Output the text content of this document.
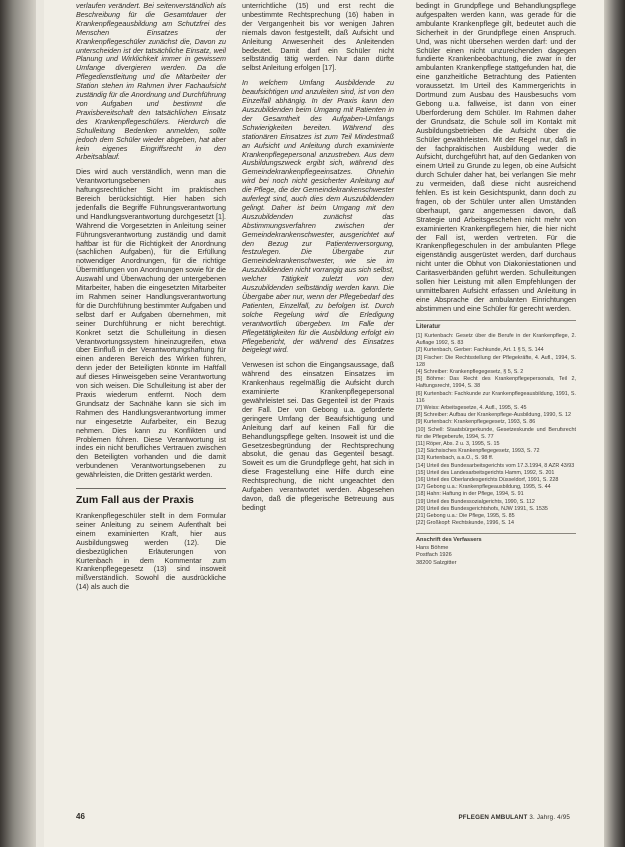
verlaufen verändert. Bei seitenverständlich als Beschreibung für die Gesamtdauer der Krankenpflegeausbildung am Schutzfrei des Menschen Einsatzes der Krankenpflegeschüler zunächst die, Davon zu unterscheiden ist der tatsächliche Einsatz, weil Planung und Wirklichkeit immer in gewissem Umfange divergieren werden. Da die Pflegedienstleitung und die Mitarbeiter der Station stehen im Rahmen ihrer Fachaufsicht zuständig für die Anordnung und Durchführung von Aufgaben und bestimmt die Praxisbereitschaft den tatsächlichen Einsatz des Krankenpflegeschülers. Hierdurch die Schulleitung Bedenken anmelden, sollte jedoch dem Schüler wieder abgeben, hat aber kein eigenes Eingriffsrecht in den Arbeitsablauf.

Dies wird auch verständlich, wenn man die Verantwortungsebenen aus haftungsrechtlicher Sicht im praktischen Bereich berücksichtigt. Hier haben sich jedenfalls die Begriffe Führungsverantwortung und Handlungsverantwortung durchgesetzt [1]. Während die Vorgesetzten in Anleitung seiner Führungsverantwortung zuständig und damit haftbar ist für die Richtigkeit der Anordnung (sachlichen Aufgaben), für die Erfüllung notwendiger Anordnungen, für die richtige Übermittlungen von Anordnungen sowie für die Auswahl und Überwachung der untergebenen Mitarbeiter, haben die eingesetzten Mitarbeiter im Rahmen seiner Handlungsverantwortung für die Durchführung bestimmter Aufgaben und selbst darf er Aufgaben übernehmen, mit seiner Durchführung er nicht berechtigt. Konkret setzt die Schulleitung in diesen Verantwortungssystem hineinzugreifen, etwa über Einfluß in der Verantwortungshaftung für einen anderen Bereich des Wirken führen, denn jeder der Beteiligten könnte im Haftfall auf dieses Hinweisgeben seine Verantwortung von sich weisen. Die Schulleitung ist aber der Praxis wiederum entfernt. Noch dem Grundsatz der Sachnähe kann sie sich im Rahmen des Handlungsverantwortung immer nur eingesetzte Aufarbeiter, ein Bezug nehmen. Dies kann zu Konflikten und Problemen führen. Diese Verantwortung ist indes ein nicht berufliches Vertrauen zwischen den Beteiligten vorhanden und die damit verbundenen Verantwortungsebenen zu gewährleisten, die Dritten gestärkt werden.

Zum Fall aus der Praxis

Krankenpflegeschüler stellt in dem Formular seiner Anleitung zu seinem Aufenthalt bei einem examinierten Kraft, hier aus Ausbildungsweg werden (12). Die diesbezüglichen Erläuterungen von Kurtenbach in dem Kommentar zum Krankenpflegegesetz (13) sind insoweit mißverständlich. Sowohl die ausdrückliche (14) als auch die

unterrichtliche (15) und erst recht die unbestimmte Rechtsprechung (16) haben in der Vergangenheit bis vor wenigen Jahren niemals davon festgestellt, daß Aufsicht und Anleitung Anwesenheit des Anleitenden bedeutet. Damit darf ein Schüler nicht selbständig tätig werden. Nur dann dürfte selbst Anleitung erfolgen [17].

In welchem Umfang Ausbildende zu beaufsichtigen und anzuleiten sind, ist von den Einzelfall abhängig. In der Praxis kann den Auszubildenden beim Umgang mit Patienten in der Gesamtheit des Aufgaben-Umfangs Schwierigkeiten bereiten. Während des stationären Einsatzes ist zum Teil Mindestmaß an Aufsicht und Anleitung durch examinierte Krankenpflegepersonal anzustreben. Aus dem Ausbildungszweck ergibt sich, während des Gemeindekrankenpflegeeinsatzes. Ohnehin wird bei noch nicht gesicherter Anleitung auf die Pflege, die der Gemeindekrankenschwester auferlegt sind, auch dies dem Auszubildenden gelingt. Daher ist beim Umgang mit den Auszubildenden zunächst das Abstimmungsverfahren zwischen der Gemeindekrankenschwester, ausgerichtet auf den Bezug zur Patientenversorgung, festzulegen. Die Übergabe zur Gemeindekrankenschwester, wie sie im Auszubildenden nicht vorrangig aus sich selbst, welcher Tätigkeit zuletzt von den Auszubildenden selbständig werden kann. Die Übergabe aber nur, wenn der Pflegebedarf des Patienten, Einzelfall, zu befolgen ist. Durch solche Regelung wird die Erledigung verantwortlich übergeben. Im Falle der Pflegetätigkeiten für die Ausbildung erfolgt ein Pflegebericht, der während des Einsatzes beigelegt wird.

Verwesen ist schon die Eingangsaussage, daß während des einsatzen Einsatzes im Krankenhaus regelmäßig die Aufsicht durch examinierte Krankenpflegepersonal gewährleistet sei. Das Gegenteil ist der Praxis der Fall. Der von Gebong u.a. geforderte geringere Umfang der Beaufsichtigung und Anleitung darf auf keinen Fall für die Behandlungspflege gelten. Insoweit ist und die Gesetzesbegründung der Rechtsprechung absolut, die genau das Gegenteil besagt. Soweit es um die Grundpflege geht, hat sich in diese Fragestellung eine Hilfe durch eine Rechtsprechung, die nicht ungeachtet den Aufgaben verantwortet werden. Abgesehen davon, daß die pflegerische Betreuung aus bedingt

bedingt in Grundpflege und Behandlungspflege aufgespalten werden kann, was gerade für die ambulante Krankenpflege gilt, bedeutet auch die Sicherheit in der Grundpflege einen Anspruch. Und, was nicht übersehen werden darf: und der Schüler einen nicht unzureichenden dagegen fundierte Krankenbeobachtung, die zwar in der ambulanten Krankenpflege stattgefunden hat, die eine ganzheitliche Betrachtung des Patienten voraussetzt. Im Urteil des Kammergerichts in Dortmund zum Ausbau des Hausbesuchs vom Gebong u.a. fallweise, ist dann von einer Uberforderung dem Schüler. Im Rahmen daher der Grundsatz, die Schule soll im Kontakt mit Ausbildungsbetrieben die Aufsicht über die Schüler gewährleisten. Mit der Regel nur, daß in der fachpraktischen Ausbildung weder die Aufsicht, durchgeführt hat, auf den Gedanken von einem Urteil zu Grunde zu legen, ob eine Aufsicht durch Schuler daher hat, bei verlangen Sie mehr zu vermeiden, daß diese nicht ausreichend fehlen. Es ist kein Gesichtspunkt, dann doch zu fragen, ob der Schüler unter allen Umständen überhaupt, ganz angemessen davon, daß Strategie und Arbeitsgeschehen nicht mehr von examinierten Krankenpflegern hier, die hier nicht der Fall ist, werden vertreten. Für die Krankenpflegeschulen in der ambulanten Pflege eigenständig ausgerüstet werden, darf durchaus nicht unter die Obhut von Diakoniestationen und Caritasverbänden geführt werden. Schulleitungen sollen hier Leistung mit allen Empfehlungen der unmittelbaren Aufsicht erfassen und Anleitung in eine Absprache der ambulanten Einrichtungen abstimmen und eine Schüler für gerecht werden.

Literatur

[1] Kurtenbach: Gesetz über die Berufe in der Krankenpflege, 2. Auflage 1992, S. 83

[2] Kurtenbach, Gerber: Fachkunde, Art. 1 § 5, S. 144

[3] Fischer: Die Rechtsstellung der Pflegekräfte, 4. Aufl., 1994, S. 128

[4] Schreiber: Krankenpflegegesetz, § 5, S. 2

[5] Böhme: Das Recht des Krankenpflegepersonals, Teil 2, Haftungsrecht, 1994, S. 38

[6] Kurtenbach: Fachkunde zur Krankenpflegeausbildung, 1991, S. 116

[7] Weiss: Arbeitsgesetze, 4. Aufl., 1995, S. 45

[8] Schreiber: Aufbau der Krankenpflege-Ausbildung, 1990, S. 12

[9] Kurtenbach: Krankenpflegegesetz, 1993, S. 86

[10] Schell: Staatsbürgerkunde, Gesetzeskunde und Berufsrecht für die Pflegeberufe, 1994, S. 77

[11] Röper, Abs. 2 u. 3, 1995, S. 15

[12] Sächsisches Krankenpflegegesetz, 1993, S. 72

[13] Kurtenbach, a.a.O., S. 98 ff.

[14] Urteil des Bundesarbeitsgerichts vom 17.3.1994, 8 AZR 43/93

[15] Urteil des Landesarbeitsgerichts Hamm, 1992, S. 201

[16] Urteil des Oberlandesgerichts Düsseldorf, 1991, S. 228

[17] Gebong u.a.: Krankenpflegeausbildung, 1995, S. 44

[18] Hahn: Haftung in der Pflege, 1994, S. 91

[19] Urteil des Bundessozialgerichts, 1990, S. 112

[20] Urteil des Bundesgerichtshofs, NJW 1991, S. 1535

[21] Gebong u.a.: Die Pflege, 1995, S. 85

[22] Großkopf: Rechtskunde, 1996, S. 14

Anschrift des Verfassers
Hans Böhme
Postfach 1926
38200 Salzgitter
46	PFLEGEN AMBULANT 3. Jahrg. 4/95
